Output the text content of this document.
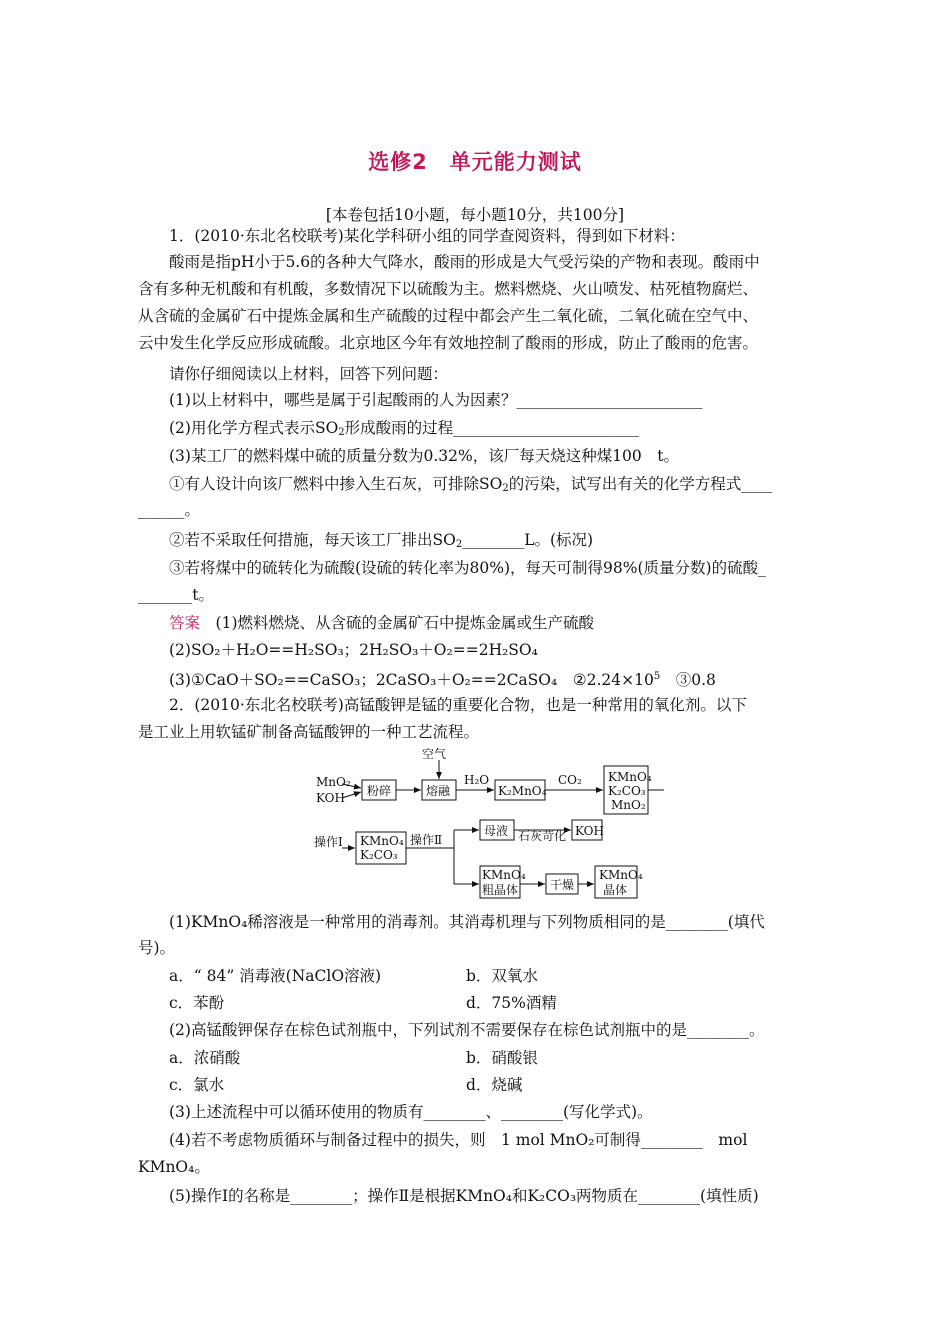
选修2　单元能力测试
[本卷包括10小题，每小题10分，共100分]
1．(2010·东北名校联考)某化学科研小组的同学查阅资料，得到如下材料：
酸雨是指pH小于5.6的各种大气降水，酸雨的形成是大气受污染的产物和表现。酸雨中
含有多种无机酸和有机酸，多数情况下以硫酸为主。燃料燃烧、火山喷发、枯死植物腐烂、
从含硫的金属矿石中提炼金属和生产硫酸的过程中都会产生二氧化硫，二氧化硫在空气中、
云中发生化学反应形成硫酸。北京地区今年有效地控制了酸雨的形成，防止了酸雨的危害。
请你仔细阅读以上材料，回答下列问题：
(1)以上材料中，哪些是属于引起酸雨的人为因素？________________________
(2)用化学方程式表示$SO_2$形成酸雨的过程________________________
(3)某工厂的燃料煤中硫的质量分数为0.32%，该厂每天烧这种煤100　t。
①有人设计向该厂燃料中掺入生石灰，可排除$SO_2$的污染，试写出有关的化学方程式____
______。
②若不采取任何措施，每天该工厂排出$SO_2\_\_\_\_\_\_\_\_L$。(标况)
③若将煤中的硫转化为硫酸(设硫的转化率为80%)，每天可制得98%(质量分数)的硫酸_
_______t。
答案　 (1)燃料燃烧、从含硫的金属矿石中提炼金属或生产硫酸
(2)SO₂＋H₂O==H₂SO₃；2H₂SO₃＋O₂==2H₂SO₄
(3)①CaO＋SO₂==CaSO₃；2CaSO₃＋O₂==2CaSO₄　$②2.24\times 10^5$　③0.8
2．(2010·东北名校联考)高锰酸钾是锰的重要化合物，也是一种常用的氧化剂。以下
是工业上用软锰矿制备高锰酸钾的一种工艺流程。
空气
MnO₂
KOH 粉碎	熔融
H₂O
K₂MnO₄
CO₂ KMnO₄
K₂CO₃
MnO₂
操作Ⅰ KMnO₄
K₂CO₃
操作Ⅱ
母液 石灰苛化 KOH
KMnO₄
粗晶体	干燥
KMnO₄
晶体
(1)KMnO₄稀溶液是一种常用的消毒剂。其消毒机理与下列物质相同的是________(填代
号)。
a．“ 84” 消毒液(NaClO溶液)	b．双氧水
c．苯酚	d．75%酒精
(2)高锰酸钾保存在棕色试剂瓶中，下列试剂不需要保存在棕色试剂瓶中的是________。
a．浓硝酸	b．硝酸银
c．氯水	d．烧碱
(3)上述流程中可以循环使用的物质有________、________(写化学式)。
(4)若不考虑物质循环与制备过程中的损失，则　1 mol MnO₂可制得________　mol
KMnO₄。
(5)操作Ⅰ的名称是________；操作Ⅱ是根据KMnO₄和K₂CO₃两物质在________(填性质)
